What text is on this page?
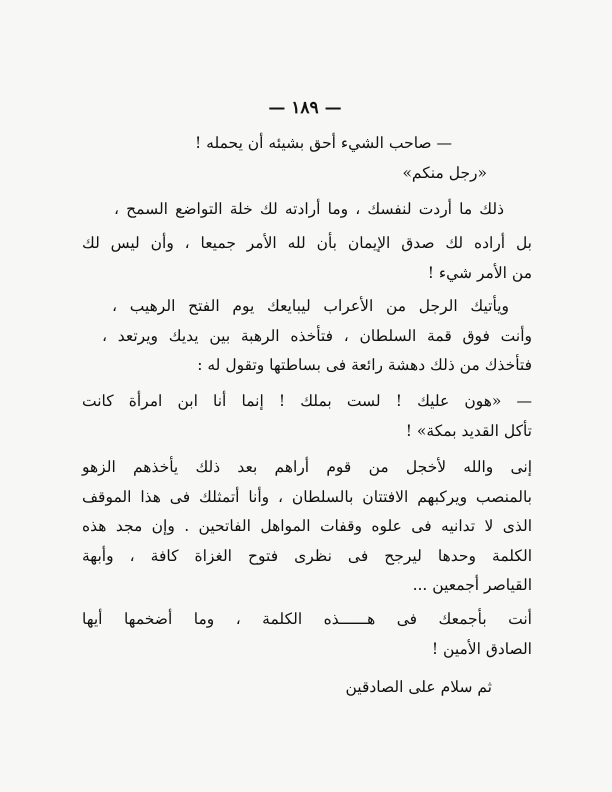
— ١٨٩ —
— صاحب الشيء أحق بشيئه أن يحمله !
«رجل منكم»
ذلك ما أردت لنفسك ، وما أرادته لك خلة التواضع السمح ،
بل أراده لك صدق الإيمان بأن لله الأمر جميعا ، وأن ليس لك
من الأمر شيء !
ويأتيك الرجل من الأعراب ليبايعك يوم الفتح الرهيب ،
وأنت فوق قمة السلطان ، فتأخذه الرهبة بين يديك ويرتعد ،
فتأخذك من ذلك دهشة رائعة فى بساطتها وتقول له :
— «هون عليك ! لست بملك ! إنما أنا ابن امرأة كانت
تأكل القديد بمكة» !
إنى والله لأخجل من قوم أراهم بعد ذلك يأخذهم الزهو
بالمنصب ويركبهم الافتتان بالسلطان ، وأنا أتمثلك فى هذا الموقف
الذى لا تدانيه فى علوه وقفات المواهل الفاتحين . وإن مجد هذه
الكلمة وحدها ليرجح فى نظرى فتوح الغزاة كافة ، وأبهة
القياصر أجمعين ...
أنت بأجمعك فى هــــــذه الكلمة ، وما أضخمها أيها
الصادق الأمين !
ثم سلام على الصادقين
